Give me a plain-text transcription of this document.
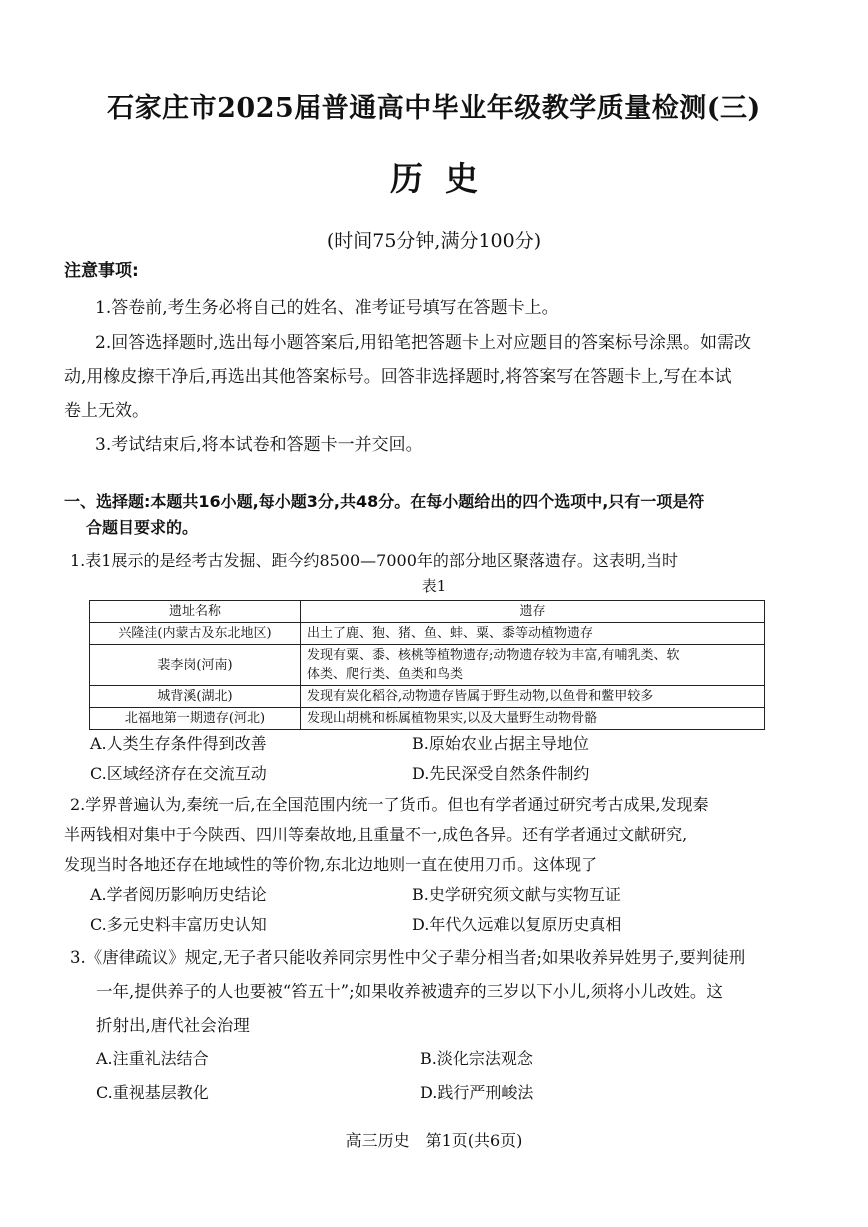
石家庄市2025届普通高中毕业年级教学质量检测(三)
历史
(时间75分钟,满分100分)
注意事项:
1.答卷前,考生务必将自己的姓名、准考证号填写在答题卡上。
2.回答选择题时,选出每小题答案后,用铅笔把答题卡上对应题目的答案标号涂黑。如需改
动,用橡皮擦干净后,再选出其他答案标号。回答非选择题时,将答案写在答题卡上,写在本试
卷上无效。
3.考试结束后,将本试卷和答题卡一并交回。
一、选择题:本题共16小题,每小题3分,共48分。在每小题给出的四个选项中,只有一项是符
合题目要求的。
1.表1展示的是经考古发掘、距今约8500—7000年的部分地区聚落遗存。这表明,当时
表1
遗址名称	遗存
兴隆洼(内蒙古及东北地区)	出土了鹿、狍、猪、鱼、蚌、粟、黍等动植物遗存
裴李岗(河南)	发现有粟、黍、核桃等植物遗存;动物遗存较为丰富,有哺乳类、软
体类、爬行类、鱼类和鸟类

城背溪(湖北)	发现有炭化稻谷,动物遗存皆属于野生动物,以鱼骨和鳖甲较多
北福地第一期遗存(河北)	发现山胡桃和栎属植物果实,以及大量野生动物骨骼
A.人类生存条件得到改善	B.原始农业占据主导地位
C.区域经济存在交流互动	D.先民深受自然条件制约
2.学界普遍认为,秦统一后,在全国范围内统一了货币。但也有学者通过研究考古成果,发现秦
半两钱相对集中于今陕西、四川等秦故地,且重量不一,成色各异。还有学者通过文献研究,
发现当时各地还存在地域性的等价物,东北边地则一直在使用刀币。这体现了
A.学者阅历影响历史结论	B.史学研究须文献与实物互证
C.多元史料丰富历史认知	D.年代久远难以复原历史真相
3.《唐律疏议》规定,无子者只能收养同宗男性中父子辈分相当者;如果收养异姓男子,要判徒刑
一年,提供养子的人也要被“笞五十”;如果收养被遗弃的三岁以下小儿,须将小儿改姓。这
折射出,唐代社会治理
A.注重礼法结合	B.淡化宗法观念
C.重视基层教化	D.践行严刑峻法
高三历史　第1页(共6页)
